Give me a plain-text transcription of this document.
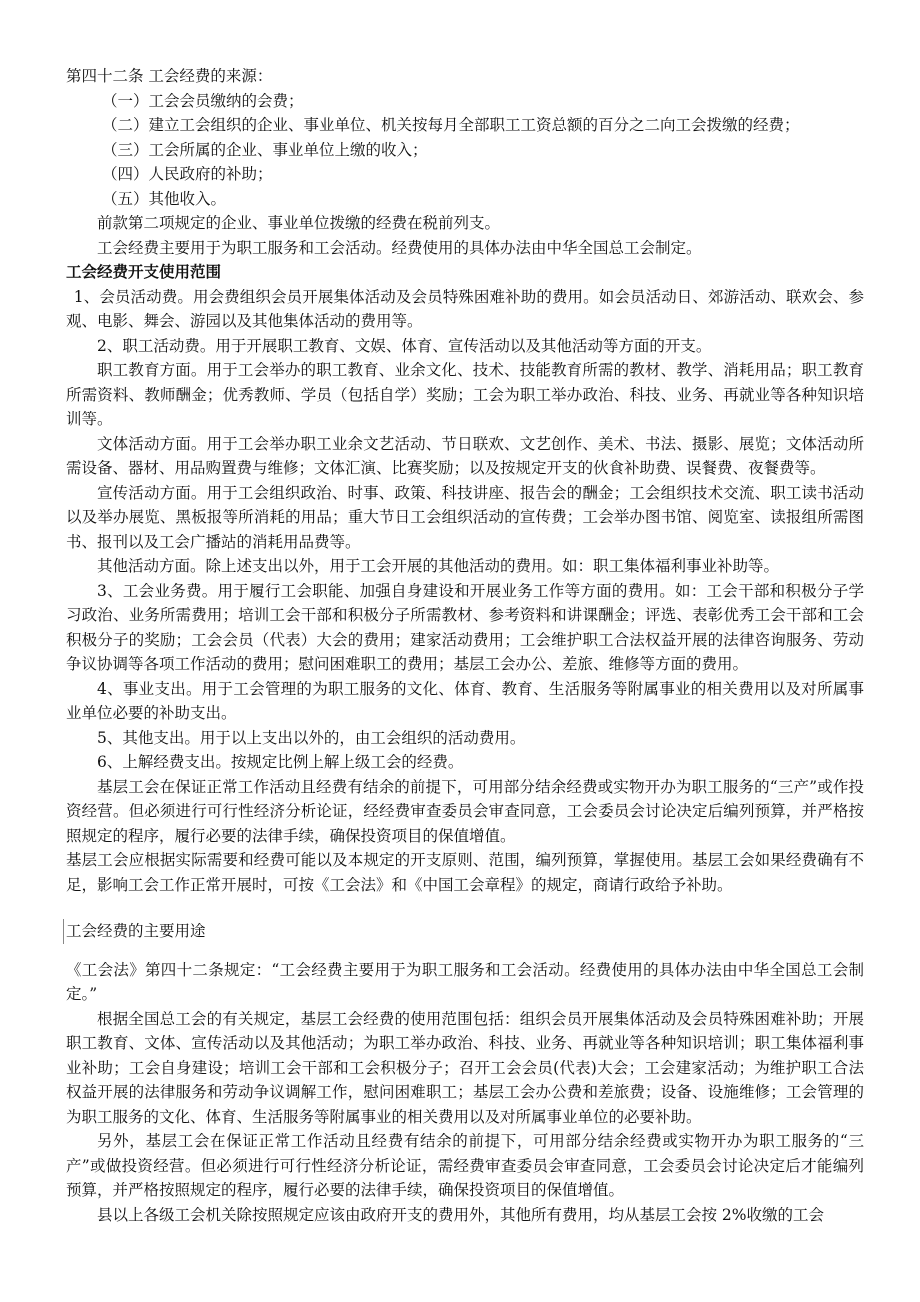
第四十二条 工会经费的来源：

（一）工会会员缴纳的会费；

（二）建立工会组织的企业、事业单位、机关按每月全部职工工资总额的百分之二向工会拨缴的经费；

（三）工会所属的企业、事业单位上缴的收入；

（四）人民政府的补助；

（五）其他收入。

前款第二项规定的企业、事业单位拨缴的经费在税前列支。

工会经费主要用于为职工服务和工会活动。经费使用的具体办法由中华全国总工会制定。

工会经费开支使用范围

1、会员活动费。用会费组织会员开展集体活动及会员特殊困难补助的费用。如会员活动日、郊游活动、联欢会、参观、电影、舞会、游园以及其他集体活动的费用等。

2、职工活动费。用于开展职工教育、文娱、体育、宣传活动以及其他活动等方面的开支。

职工教育方面。用于工会举办的职工教育、业余文化、技术、技能教育所需的教材、教学、消耗用品；职工教育所需资料、教师酬金；优秀教师、学员（包括自学）奖励；工会为职工举办政治、科技、业务、再就业等各种知识培训等。

文体活动方面。用于工会举办职工业余文艺活动、节日联欢、文艺创作、美术、书法、摄影、展览；文体活动所需设备、器材、用品购置费与维修；文体汇演、比赛奖励；以及按规定开支的伙食补助费、误餐费、夜餐费等。

宣传活动方面。用于工会组织政治、时事、政策、科技讲座、报告会的酬金；工会组织技术交流、职工读书活动以及举办展览、黑板报等所消耗的用品；重大节日工会组织活动的宣传费；工会举办图书馆、阅览室、读报组所需图书、报刊以及工会广播站的消耗用品费等。

其他活动方面。除上述支出以外，用于工会开展的其他活动的费用。如：职工集体福利事业补助等。

3、工会业务费。用于履行工会职能、加强自身建设和开展业务工作等方面的费用。如：工会干部和积极分子学习政治、业务所需费用；培训工会干部和积极分子所需教材、参考资料和讲课酬金；评选、表彰优秀工会干部和工会积极分子的奖励；工会会员（代表）大会的费用；建家活动费用；工会维护职工合法权益开展的法律咨询服务、劳动争议协调等各项工作活动的费用；慰问困难职工的费用；基层工会办公、差旅、维修等方面的费用。

4、事业支出。用于工会管理的为职工服务的文化、体育、教育、生活服务等附属事业的相关费用以及对所属事业单位必要的补助支出。

5、其他支出。用于以上支出以外的，由工会组织的活动费用。

6、上解经费支出。按规定比例上解上级工会的经费。

基层工会在保证正常工作活动且经费有结余的前提下，可用部分结余经费或实物开办为职工服务的“三产”或作投资经营。但必须进行可行性经济分析论证，经经费审查委员会审查同意，工会委员会讨论决定后编列预算，并严格按照规定的程序，履行必要的法律手续，确保投资项目的保值增值。

基层工会应根据实际需要和经费可能以及本规定的开支原则、范围，编列预算，掌握使用。基层工会如果经费确有不足，影响工会工作正常开展时，可按《工会法》和《中国工会章程》的规定，商请行政给予补助。

工会经费的主要用途

《工会法》第四十二条规定：“工会经费主要用于为职工服务和工会活动。经费使用的具体办法由中华全国总工会制定。”

根据全国总工会的有关规定，基层工会经费的使用范围包括：组织会员开展集体活动及会员特殊困难补助；开展职工教育、文体、宣传活动以及其他活动；为职工举办政治、科技、业务、再就业等各种知识培训；职工集体福利事业补助；工会自身建设；培训工会干部和工会积极分子；召开工会会员(代表)大会；工会建家活动；为维护职工合法权益开展的法律服务和劳动争议调解工作，慰问困难职工；基层工会办公费和差旅费；设备、设施维修；工会管理的为职工服务的文化、体育、生活服务等附属事业的相关费用以及对所属事业单位的必要补助。

另外，基层工会在保证正常工作活动且经费有结余的前提下，可用部分结余经费或实物开办为职工服务的“三产”或做投资经营。但必须进行可行性经济分析论证，需经费审查委员会审查同意，工会委员会讨论决定后才能编列预算，并严格按照规定的程序，履行必要的法律手续，确保投资项目的保值增值。

县以上各级工会机关除按照规定应该由政府开支的费用外，其他所有费用，均从基层工会按 2%收缴的工会
